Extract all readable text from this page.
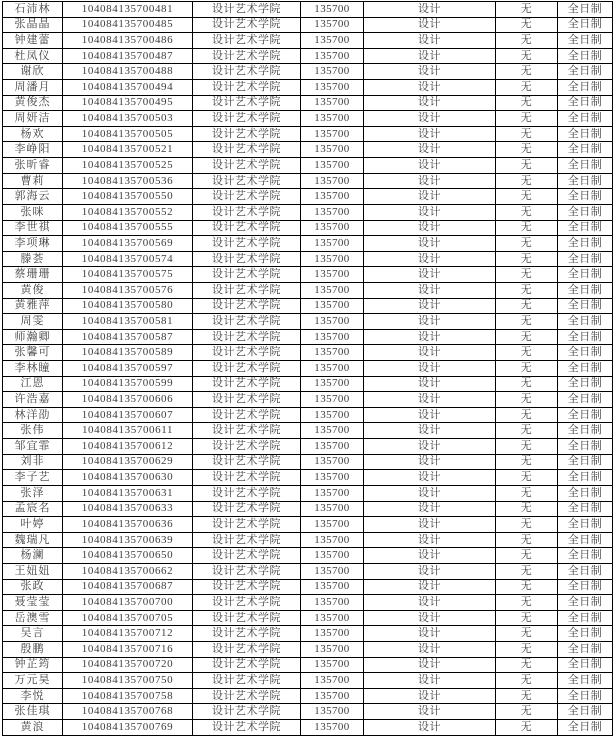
石沛林	104084135700481	设计艺术学院	135700	设计	无	全日制
张晶晶	104084135700485	设计艺术学院	135700	设计	无	全日制
钟建蕾	104084135700486	设计艺术学院	135700	设计	无	全日制
杜凤仪	104084135700487	设计艺术学院	135700	设计	无	全日制
谢欣	104084135700488	设计艺术学院	135700	设计	无	全日制
周潘月	104084135700494	设计艺术学院	135700	设计	无	全日制
黄俊杰	104084135700495	设计艺术学院	135700	设计	无	全日制
周妍洁	104084135700503	设计艺术学院	135700	设计	无	全日制
杨欢	104084135700505	设计艺术学院	135700	设计	无	全日制
李峥阳	104084135700521	设计艺术学院	135700	设计	无	全日制
张昕睿	104084135700525	设计艺术学院	135700	设计	无	全日制
曹莉	104084135700536	设计艺术学院	135700	设计	无	全日制
郭海云	104084135700550	设计艺术学院	135700	设计	无	全日制
张咪	104084135700552	设计艺术学院	135700	设计	无	全日制
李世祺	104084135700555	设计艺术学院	135700	设计	无	全日制
李项琳	104084135700569	设计艺术学院	135700	设计	无	全日制
滕荟	104084135700574	设计艺术学院	135700	设计	无	全日制
蔡珊珊	104084135700575	设计艺术学院	135700	设计	无	全日制
黄俊	104084135700576	设计艺术学院	135700	设计	无	全日制
黄雅萍	104084135700580	设计艺术学院	135700	设计	无	全日制
周雯	104084135700581	设计艺术学院	135700	设计	无	全日制
师瀚卿	104084135700587	设计艺术学院	135700	设计	无	全日制
张馨可	104084135700589	设计艺术学院	135700	设计	无	全日制
李林瞳	104084135700597	设计艺术学院	135700	设计	无	全日制
江恩	104084135700599	设计艺术学院	135700	设计	无	全日制
许浩嘉	104084135700606	设计艺术学院	135700	设计	无	全日制
林洋劭	104084135700607	设计艺术学院	135700	设计	无	全日制
张伟	104084135700611	设计艺术学院	135700	设计	无	全日制
邹宜霏	104084135700612	设计艺术学院	135700	设计	无	全日制
刘非	104084135700629	设计艺术学院	135700	设计	无	全日制
李子艺	104084135700630	设计艺术学院	135700	设计	无	全日制
张泽	104084135700631	设计艺术学院	135700	设计	无	全日制
孟宸名	104084135700633	设计艺术学院	135700	设计	无	全日制
叶婷	104084135700636	设计艺术学院	135700	设计	无	全日制
魏瑞凡	104084135700639	设计艺术学院	135700	设计	无	全日制
杨澜	104084135700650	设计艺术学院	135700	设计	无	全日制
王妞妞	104084135700662	设计艺术学院	135700	设计	无	全日制
张政	104084135700687	设计艺术学院	135700	设计	无	全日制
聂莹莹	104084135700700	设计艺术学院	135700	设计	无	全日制
岳澳雪	104084135700705	设计艺术学院	135700	设计	无	全日制
吴言	104084135700712	设计艺术学院	135700	设计	无	全日制
殷鹏	104084135700716	设计艺术学院	135700	设计	无	全日制
钟芷筠	104084135700720	设计艺术学院	135700	设计	无	全日制
万元昊	104084135700750	设计艺术学院	135700	设计	无	全日制
李悦	104084135700758	设计艺术学院	135700	设计	无	全日制
张佳琪	104084135700768	设计艺术学院	135700	设计	无	全日制
黄浪	104084135700769	设计艺术学院	135700	设计	无	全日制
